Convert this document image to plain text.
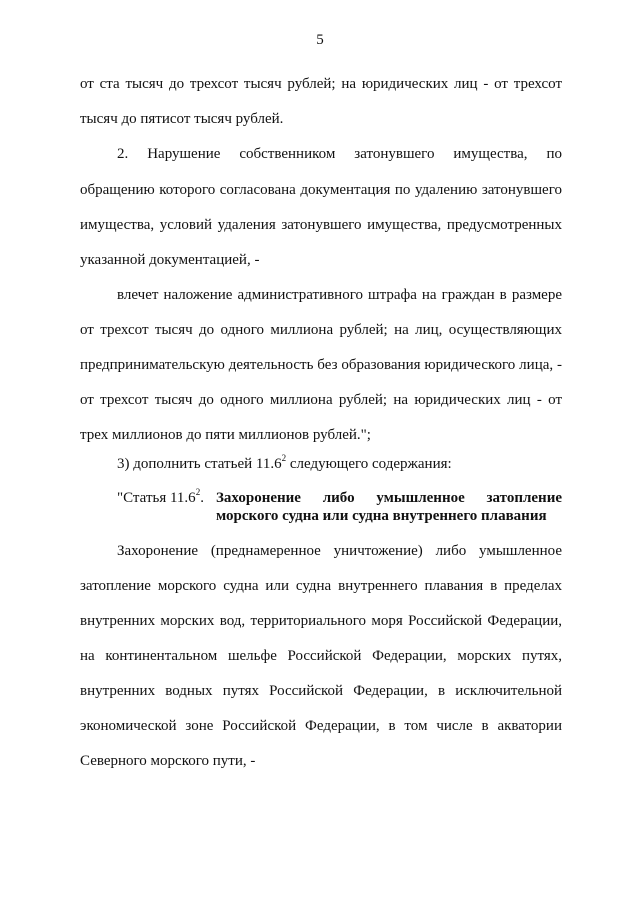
5
от ста тысяч до трехсот тысяч рублей; на юридических лиц - от трехсот
тысяч до пятисот тысяч рублей.
2. Нарушение собственником затонувшего имущества, по
обращению которого согласована документация по удалению затонувшего
имущества, условий удаления затонувшего имущества, предусмотренных
указанной документацией, -
влечет наложение административного штрафа на граждан в размере
от трехсот тысяч до одного миллиона рублей; на лиц, осуществляющих
предпринимательскую деятельность без образования юридического лица, -
от трехсот тысяч до одного миллиона рублей; на юридических лиц - от
трех миллионов до пяти миллионов рублей.";
3) дополнить статьей 11.6$^2$ следующего содержания:
"Статья 11.6$^2$. Захоронение либо умышленное затопление
морского судна или судна внутреннего плавания
Захоронение (преднамеренное уничтожение) либо умышленное
затопление морского судна или судна внутреннего плавания в пределах
внутренних морских вод, территориального моря Российской Федерации,
на континентальном шельфе Российской Федерации, морских путях,
внутренних водных путях Российской Федерации, в исключительной
экономической зоне Российской Федерации, в том числе в акватории
Северного морского пути, -
